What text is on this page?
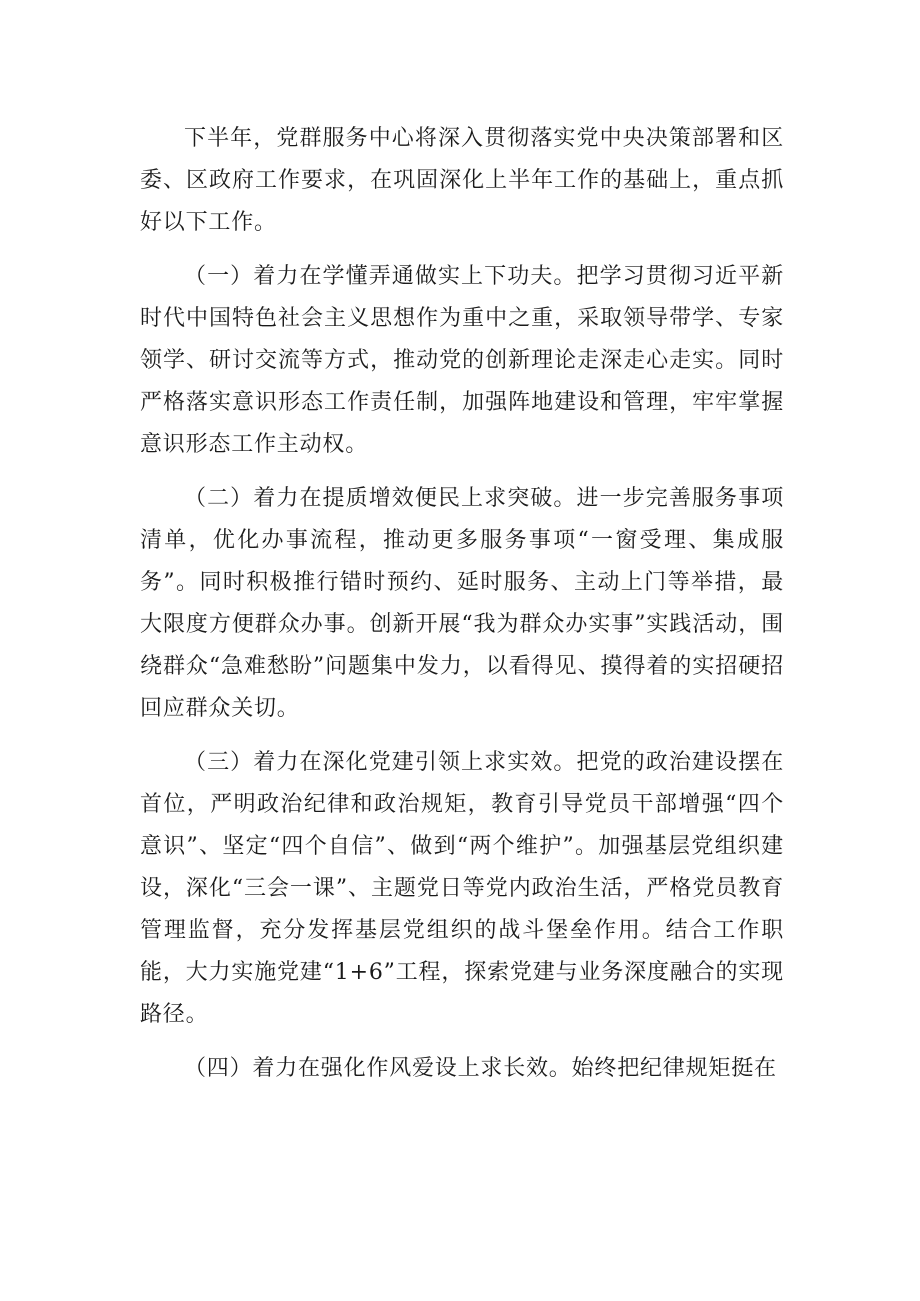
下半年，党群服务中心将深入贯彻落实党中央决策部署和区委、区政府工作要求，在巩固深化上半年工作的基础上，重点抓好以下工作。

（一）着力在学懂弄通做实上下功夫。把学习贯彻习近平新时代中国特色社会主义思想作为重中之重，采取领导带学、专家领学、研讨交流等方式，推动党的创新理论走深走心走实。同时严格落实意识形态工作责任制，加强阵地建设和管理，牢牢掌握意识形态工作主动权。

（二）着力在提质增效便民上求突破。进一步完善服务事项清单，优化办事流程，推动更多服务事项“一窗受理、集成服务”。同时积极推行错时预约、延时服务、主动上门等举措，最大限度方便群众办事。创新开展“我为群众办实事”实践活动，围绕群众“急难愁盼”问题集中发力，以看得见、摸得着的实招硬招回应群众关切。

（三）着力在深化党建引领上求实效。把党的政治建设摆在首位，严明政治纪律和政治规矩，教育引导党员干部增强“四个意识”、坚定“四个自信”、做到“两个维护”。加强基层党组织建设，深化“三会一课”、主题党日等党内政治生活，严格党员教育管理监督，充分发挥基层党组织的战斗堡垒作用。结合工作职能，大力实施党建“1+6”工程，探索党建与业务深度融合的实现路径。

（四）着力在强化作风爱设上求长效。始终把纪律规矩挺在
